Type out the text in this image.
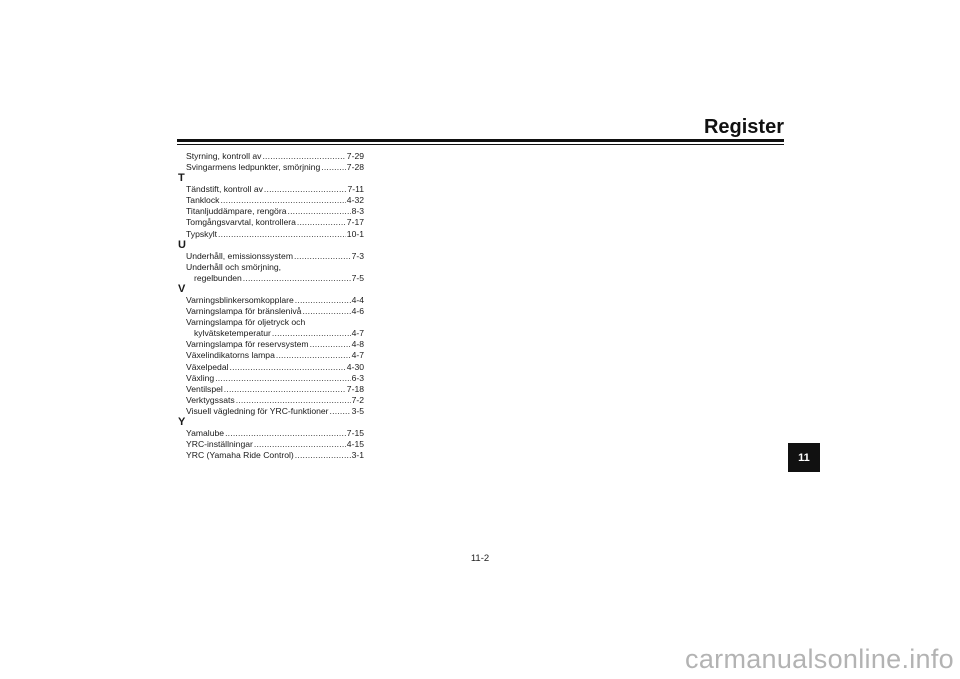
Register
Styrning, kontroll av .....	7-29
Svingarmens ledpunkter, smörjning .....	7-28
T
Tändstift, kontroll av .....	7-11
Tanklock .....	4-32
Titanljuddämpare, rengöra .....	8-3
Tomgångsvarvtal, kontrollera .....	7-17
Typskylt .....	10-1
U
Underhåll, emissionssystem .....	7-3
Underhåll och smörjning,
regelbunden .....	7-5
V
Varningsblinkersomkopplare .....	4-4
Varningslampa för bränslenivå .....	4-6
Varningslampa för oljetryck och
kylvätsketemperatur .....	4-7
Varningslampa för reservsystem .....	4-8
Växelindikatorns lampa .....	4-7
Växelpedal .....	4-30
Växling .....	6-3
Ventilspel .....	7-18
Verktygssats .....	7-2
Visuell vägledning för YRC-funktioner .....	3-5
Y
Yamalube .....	7-15
YRC-inställningar .....	4-15
YRC (Yamaha Ride Control) .....	3-1	11
11-2
carmanualsonline.info
